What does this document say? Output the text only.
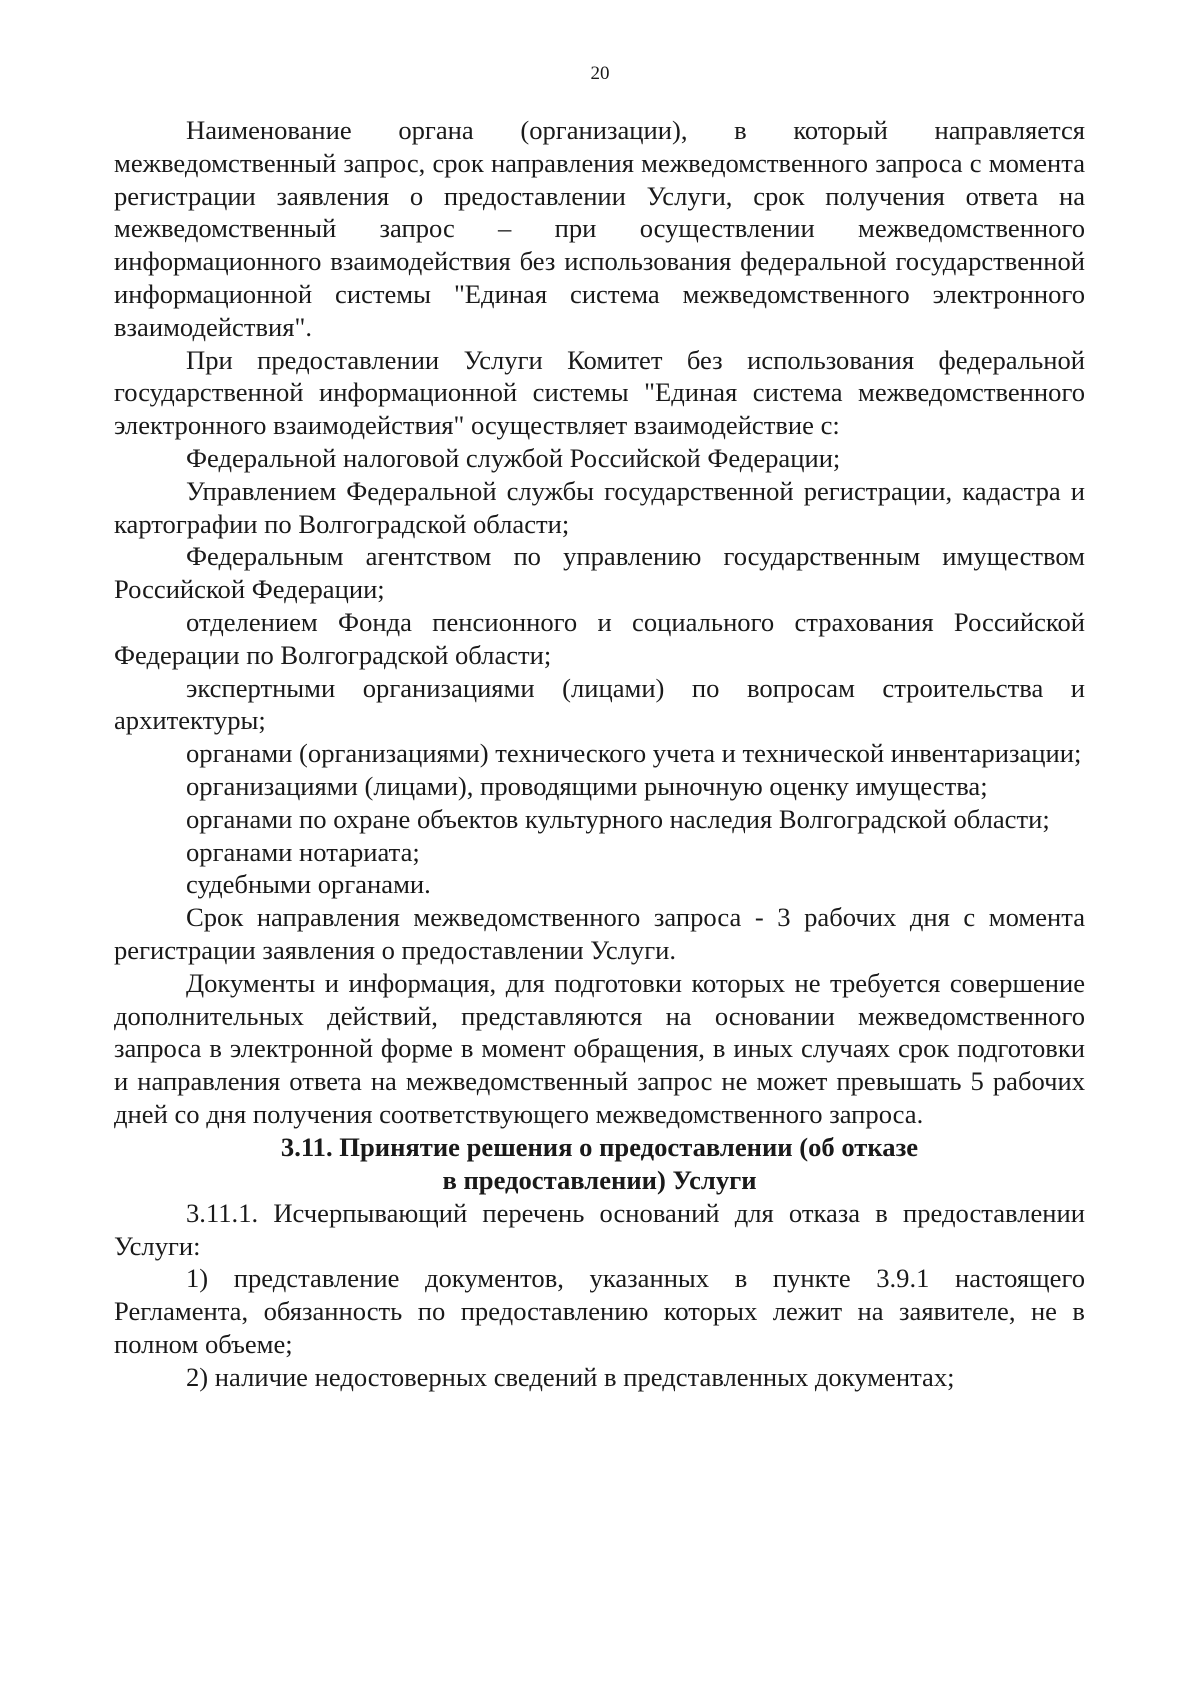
20

Наименование органа (организации), в который направляется межведомственный запрос, срок направления межведомственного запроса с момента регистрации заявления о предоставлении Услуги, срок получения ответа на межведомственный запрос – при осуществлении межведомственного информационного взаимодействия без использования федеральной государственной информационной системы "Единая система межведомственного электронного взаимодействия".

При предоставлении Услуги Комитет без использования федеральной государственной информационной системы "Единая система межведомственного электронного взаимодействия" осуществляет взаимодействие с:

Федеральной налоговой службой Российской Федерации;

Управлением Федеральной службы государственной регистрации, кадастра и картографии по Волгоградской области;

Федеральным агентством по управлению государственным имуществом Российской Федерации;

отделением Фонда пенсионного и социального страхования Российской Федерации по Волгоградской области;

экспертными организациями (лицами) по вопросам строительства и архитектуры;

органами (организациями) технического учета и технической инвентаризации;

организациями (лицами), проводящими рыночную оценку имущества;

органами по охране объектов культурного наследия Волгоградской области;

органами нотариата;

судебными органами.

Срок направления межведомственного запроса - 3 рабочих дня с момента регистрации заявления о предоставлении Услуги.

Документы и информация, для подготовки которых не требуется совершение дополнительных действий, представляются на основании межведомственного запроса в электронной форме в момент обращения, в иных случаях срок подготовки и направления ответа на межведомственный запрос не может превышать 5 рабочих дней со дня получения соответствующего межведомственного запроса.

3.11. Принятие решения о предоставлении (об отказе
в предоставлении) Услуги

3.11.1. Исчерпывающий перечень оснований для отказа в предоставлении Услуги:

1) представление документов, указанных в пункте 3.9.1 настоящего Регламента, обязанность по предоставлению которых лежит на заявителе, не в полном объеме;

2) наличие недостоверных сведений в представленных документах;
